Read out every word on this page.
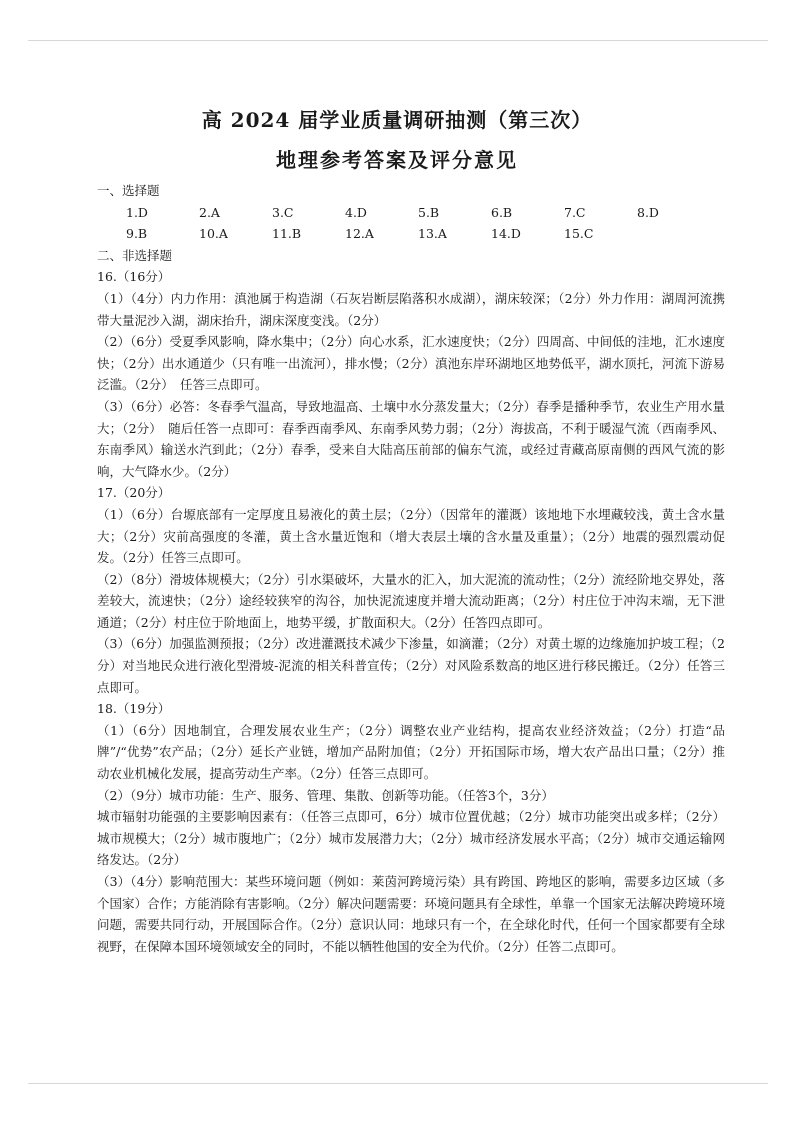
高 2024 届学业质量调研抽测（第三次）
地理参考答案及评分意见

一、选择题

1.D	2.A	3.C	4.D	5.B	6.B	7.C	8.D
9.B	10.A	11.B	12.A	13.A	14.D	15.C

二、非选择题

16.（16分）

（1）（4分）内力作用：滇池属于构造湖（石灰岩断层陷落积水成湖），湖床较深；（2分）外力作用：湖周河流携带大量泥沙入湖，湖床抬升，湖床深度变浅。（2分）

（2）（6分）受夏季风影响，降水集中；（2分）向心水系，汇水速度快；（2分）四周高、中间低的洼地，汇水速度快；（2分）出水通道少（只有唯一出流河），排水慢；（2分）滇池东岸环湖地区地势低平，湖水顶托，河流下游易泛滥。（2分）　任答三点即可。

（3）（6分）必答：冬春季气温高，导致地温高、土壤中水分蒸发量大；（2分）春季是播种季节，农业生产用水量大；（2分）　随后任答一点即可：春季西南季风、东南季风势力弱；（2分）海拔高，不利于暖湿气流（西南季风、东南季风）输送水汽到此；（2分）春季，受来自大陆高压前部的偏东气流，或经过青藏高原南侧的西风气流的影响，大气降水少。（2分）

17.（20分）

（1）（6分）台塬底部有一定厚度且易液化的黄土层；（2分）（因常年的灌溉）该地地下水埋藏较浅，黄土含水量大；（2分）灾前高强度的冬灌，黄土含水量近饱和（增大表层土壤的含水量及重量）；（2分）地震的强烈震动促发。（2分）任答三点即可。

（2）（8分）滑坡体规模大；（2分）引水渠破坏，大量水的汇入，加大泥流的流动性；（2分）流经阶地交界处，落差较大，流速快；（2分）途经较狭窄的沟谷，加快泥流速度并增大流动距离；（2分）村庄位于冲沟末端，无下泄通道；（2分）村庄位于阶地面上，地势平缓，扩散面积大。（2分）任答四点即可。

（3）（6分）加强监测预报；（2分）改进灌溉技术减少下渗量，如滴灌；（2分）对黄土塬的边缘施加护坡工程；（2分）对当地民众进行液化型滑坡-泥流的相关科普宣传；（2分）对风险系数高的地区进行移民搬迁。（2分）任答三点即可。

18.（19分）

（1）（6分）因地制宜，合理发展农业生产；（2分）调整农业产业结构，提高农业经济效益；（2分）打造“品牌”/“优势”农产品；（2分）延长产业链，增加产品附加值；（2分）开拓国际市场，增大农产品出口量；（2分）推动农业机械化发展，提高劳动生产率。（2分）任答三点即可。

（2）（9分）城市功能：生产、服务、管理、集散、创新等功能。（任答3个，3分）

城市辐射功能强的主要影响因素有：（任答三点即可，6分）城市位置优越；（2分）城市功能突出或多样；（2分）城市规模大；（2分）城市腹地广；（2分）城市发展潜力大；（2分）城市经济发展水平高；（2分）城市交通运输网络发达。（2分）

（3）（4分）影响范围大：某些环境问题（例如：莱茵河跨境污染）具有跨国、跨地区的影响，需要多边区域（多个国家）合作；方能消除有害影响。（2分）解决问题需要：环境问题具有全球性，单靠一个国家无法解决跨境环境问题，需要共同行动，开展国际合作。（2分）意识认同：地球只有一个，在全球化时代，任何一个国家都要有全球视野，在保障本国环境领域安全的同时，不能以牺牲他国的安全为代价。（2分）任答二点即可。
